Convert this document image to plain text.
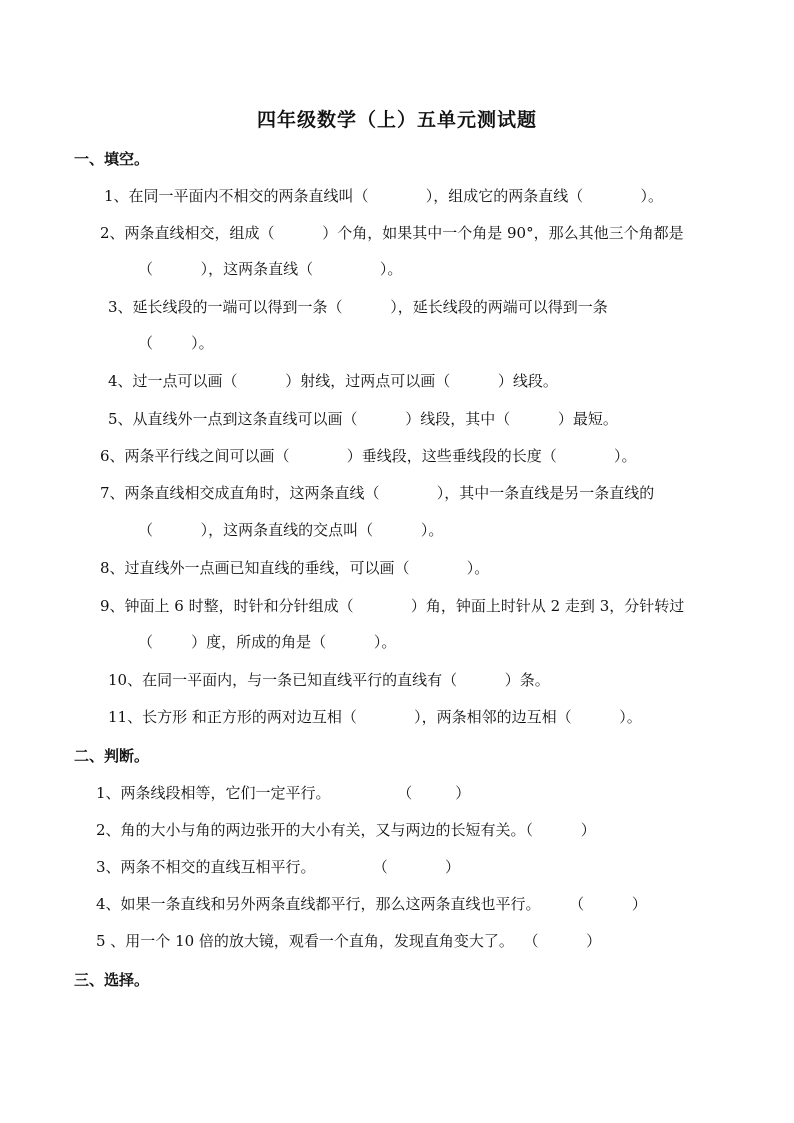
四年级数学（上）五单元测试题
一、填空。
1、在同一平面内不相交的两条直线叫（            ），组成它的两条直线（            ）。
2、两条直线相交，组成（          ）个角，如果其中一个角是 90°，那么其他三个角都是
（          ），这两条直线（              ）。
3、延长线段的一端可以得到一条（          ），延长线段的两端可以得到一条
（        ）。
4、过一点可以画（          ）射线，过两点可以画（          ）线段。
5、从直线外一点到这条直线可以画（          ）线段，其中（          ）最短。
6、两条平行线之间可以画（            ）垂线段，这些垂线段的长度（            ）。
7、两条直线相交成直角时，这两条直线（            ），其中一条直线是另一条直线的
（          ），这两条直线的交点叫（          ）。
8、过直线外一点画已知直线的垂线，可以画（            ）。
9、钟面上 6 时整，时针和分针组成（            ）角，钟面上时针从 2 走到 3，分针转过
（        ）度，所成的角是（          ）。
10、在同一平面内，与一条已知直线平行的直线有（          ）条。
11、长方形 和正方形的两对边互相（            ），两条相邻的边互相（          ）。
二、判断。
1、两条线段相等，它们一定平行。              （         ）
2、角的大小与角的两边张开的大小有关，又与两边的长短有关。（          ）
3、两条不相交的直线互相平行。            （            ）
4、如果一条直线和另外两条直线都平行，那么这两条直线也平行。      （          ）
5 、用一个 10 倍的放大镜，观看一个直角，发现直角变大了。  （          ）
三、选择。
